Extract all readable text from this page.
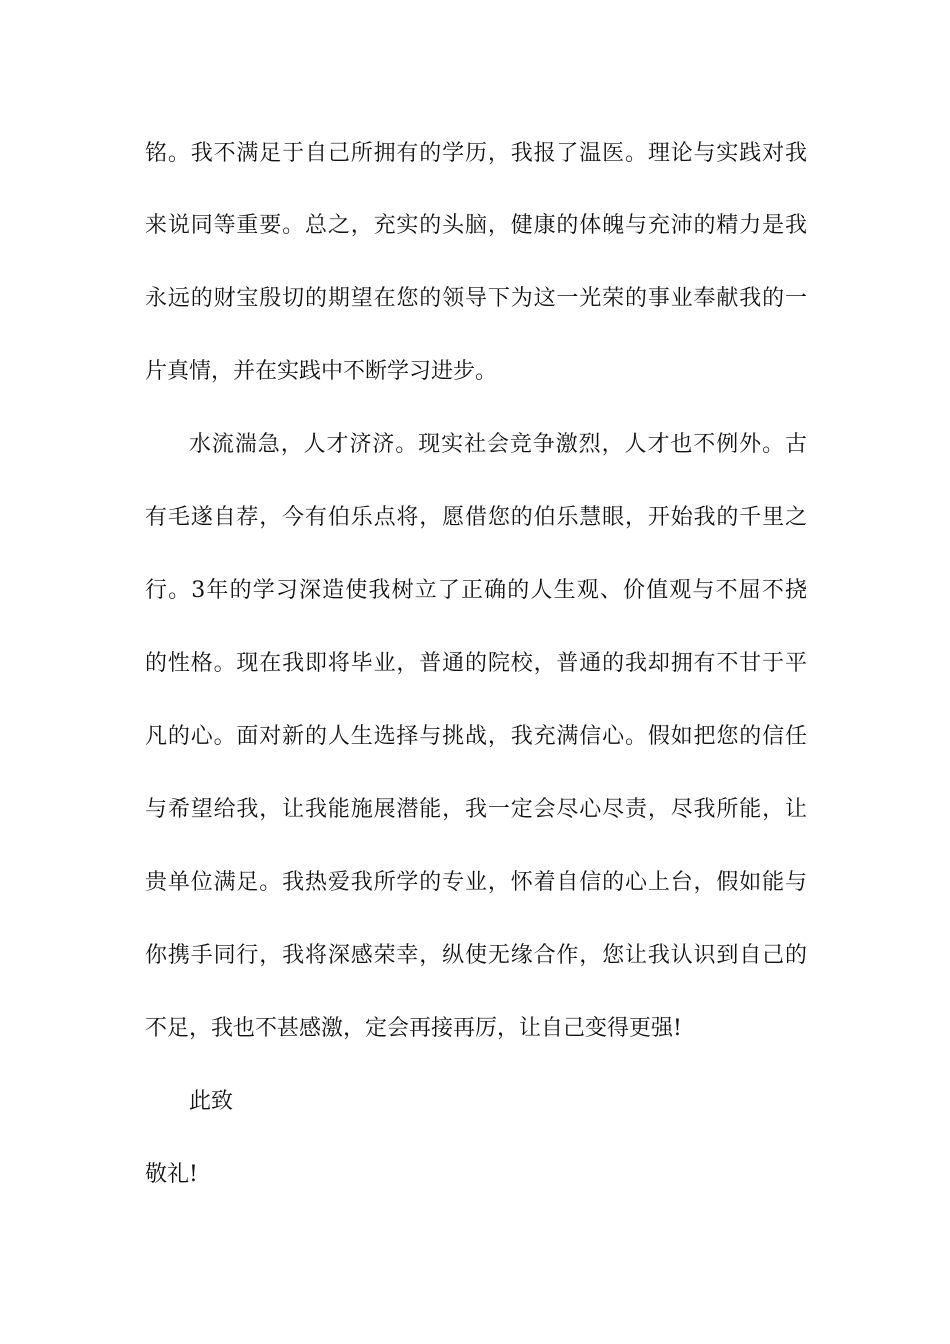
铭。我不满足于自己所拥有的学历，我报了温医。理论与实践对我
来说同等重要。总之，充实的头脑，健康的体魄与充沛的精力是我
永远的财宝殷切的期望在您的领导下为这一光荣的事业奉献我的一
片真情，并在实践中不断学习进步。
水流湍急，人才济济。现实社会竞争激烈，人才也不例外。古
有毛遂自荐，今有伯乐点将，愿借您的伯乐慧眼，开始我的千里之
行。3年的学习深造使我树立了正确的人生观、价值观与不屈不挠
的性格。现在我即将毕业，普通的院校，普通的我却拥有不甘于平
凡的心。面对新的人生选择与挑战，我充满信心。假如把您的信任
与希望给我，让我能施展潜能，我一定会尽心尽责，尽我所能，让
贵单位满足。我热爱我所学的专业，怀着自信的心上台，假如能与
你携手同行，我将深感荣幸，纵使无缘合作，您让我认识到自己的
不足，我也不甚感激，定会再接再厉，让自己变得更强!
此致
敬礼!
